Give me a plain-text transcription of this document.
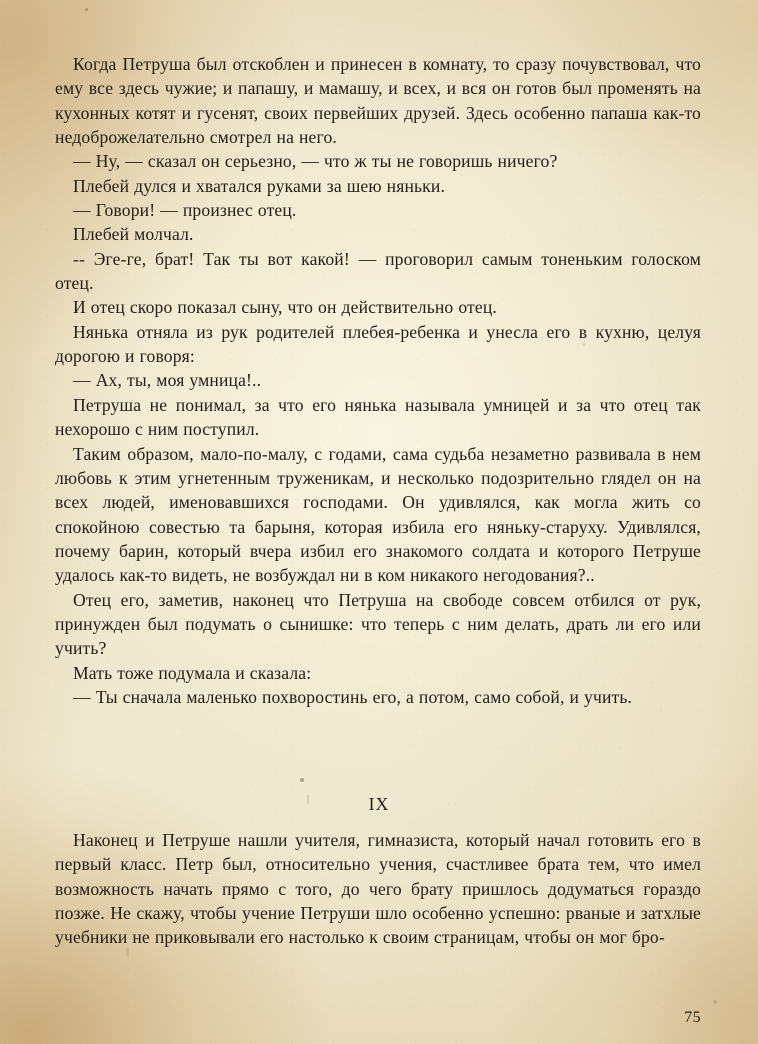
Когда Петруша был отскоблен и принесен в комнату, то сразу почувствовал, что ему все здесь чужие; и папашу, и мамашу, и всех, и вся он готов был променять на кухонных котят и гусенят, своих первейших друзей. Здесь особенно папаша как-то недоброжелательно смотрел на него.

— Ну, — сказал он серьезно, — что ж ты не говоришь ничего?

Плебей дулся и хватался руками за шею няньки.

— Говори! — произнес отец.

Плебей молчал.

-- Эге-ге, брат! Так ты вот какой! — проговорил самым тоненьким голоском отец.

И отец скоро показал сыну, что он действительно отец.

Нянька отняла из рук родителей плебея-ребенка и унесла его в кухню, целуя дорогою и говоря:

— Ах, ты, моя умница!..

Петруша не понимал, за что его нянька называла умницей и за что отец так нехорошо с ним поступил.

Таким образом, мало-по-малу, с годами, сама судьба незаметно развивала в нем любовь к этим угнетенным труженикам, и несколько подозрительно глядел он на всех людей, именовавшихся господами. Он удивлялся, как могла жить со спокойною совестью та барыня, которая избила его няньку-старуху. Удивлялся, почему барин, который вчера избил его знакомого солдата и которого Петруше удалось как-то видеть, не возбуждал ни в ком никакого негодования?..

Отец его, заметив, наконец что Петруша на свободе совсем отбился от рук, принужден был подумать о сынишке: что теперь с ним делать, драть ли его или учить?

Мать тоже подумала и сказала:

— Ты сначала маленько похворостинь его, а потом, само собой, и учить.

IX

Наконец и Петруше нашли учителя, гимназиста, который начал готовить его в первый класс. Петр был, относительно учения, счастливее брата тем, что имел возможность начать прямо с того, до чего брату пришлось додуматься гораздо позже. Не скажу, чтобы учение Петруши шло особенно успешно: рваные и затхлые учебники не приковывали его настолько к своим страницам, чтобы он мог бро-

75
